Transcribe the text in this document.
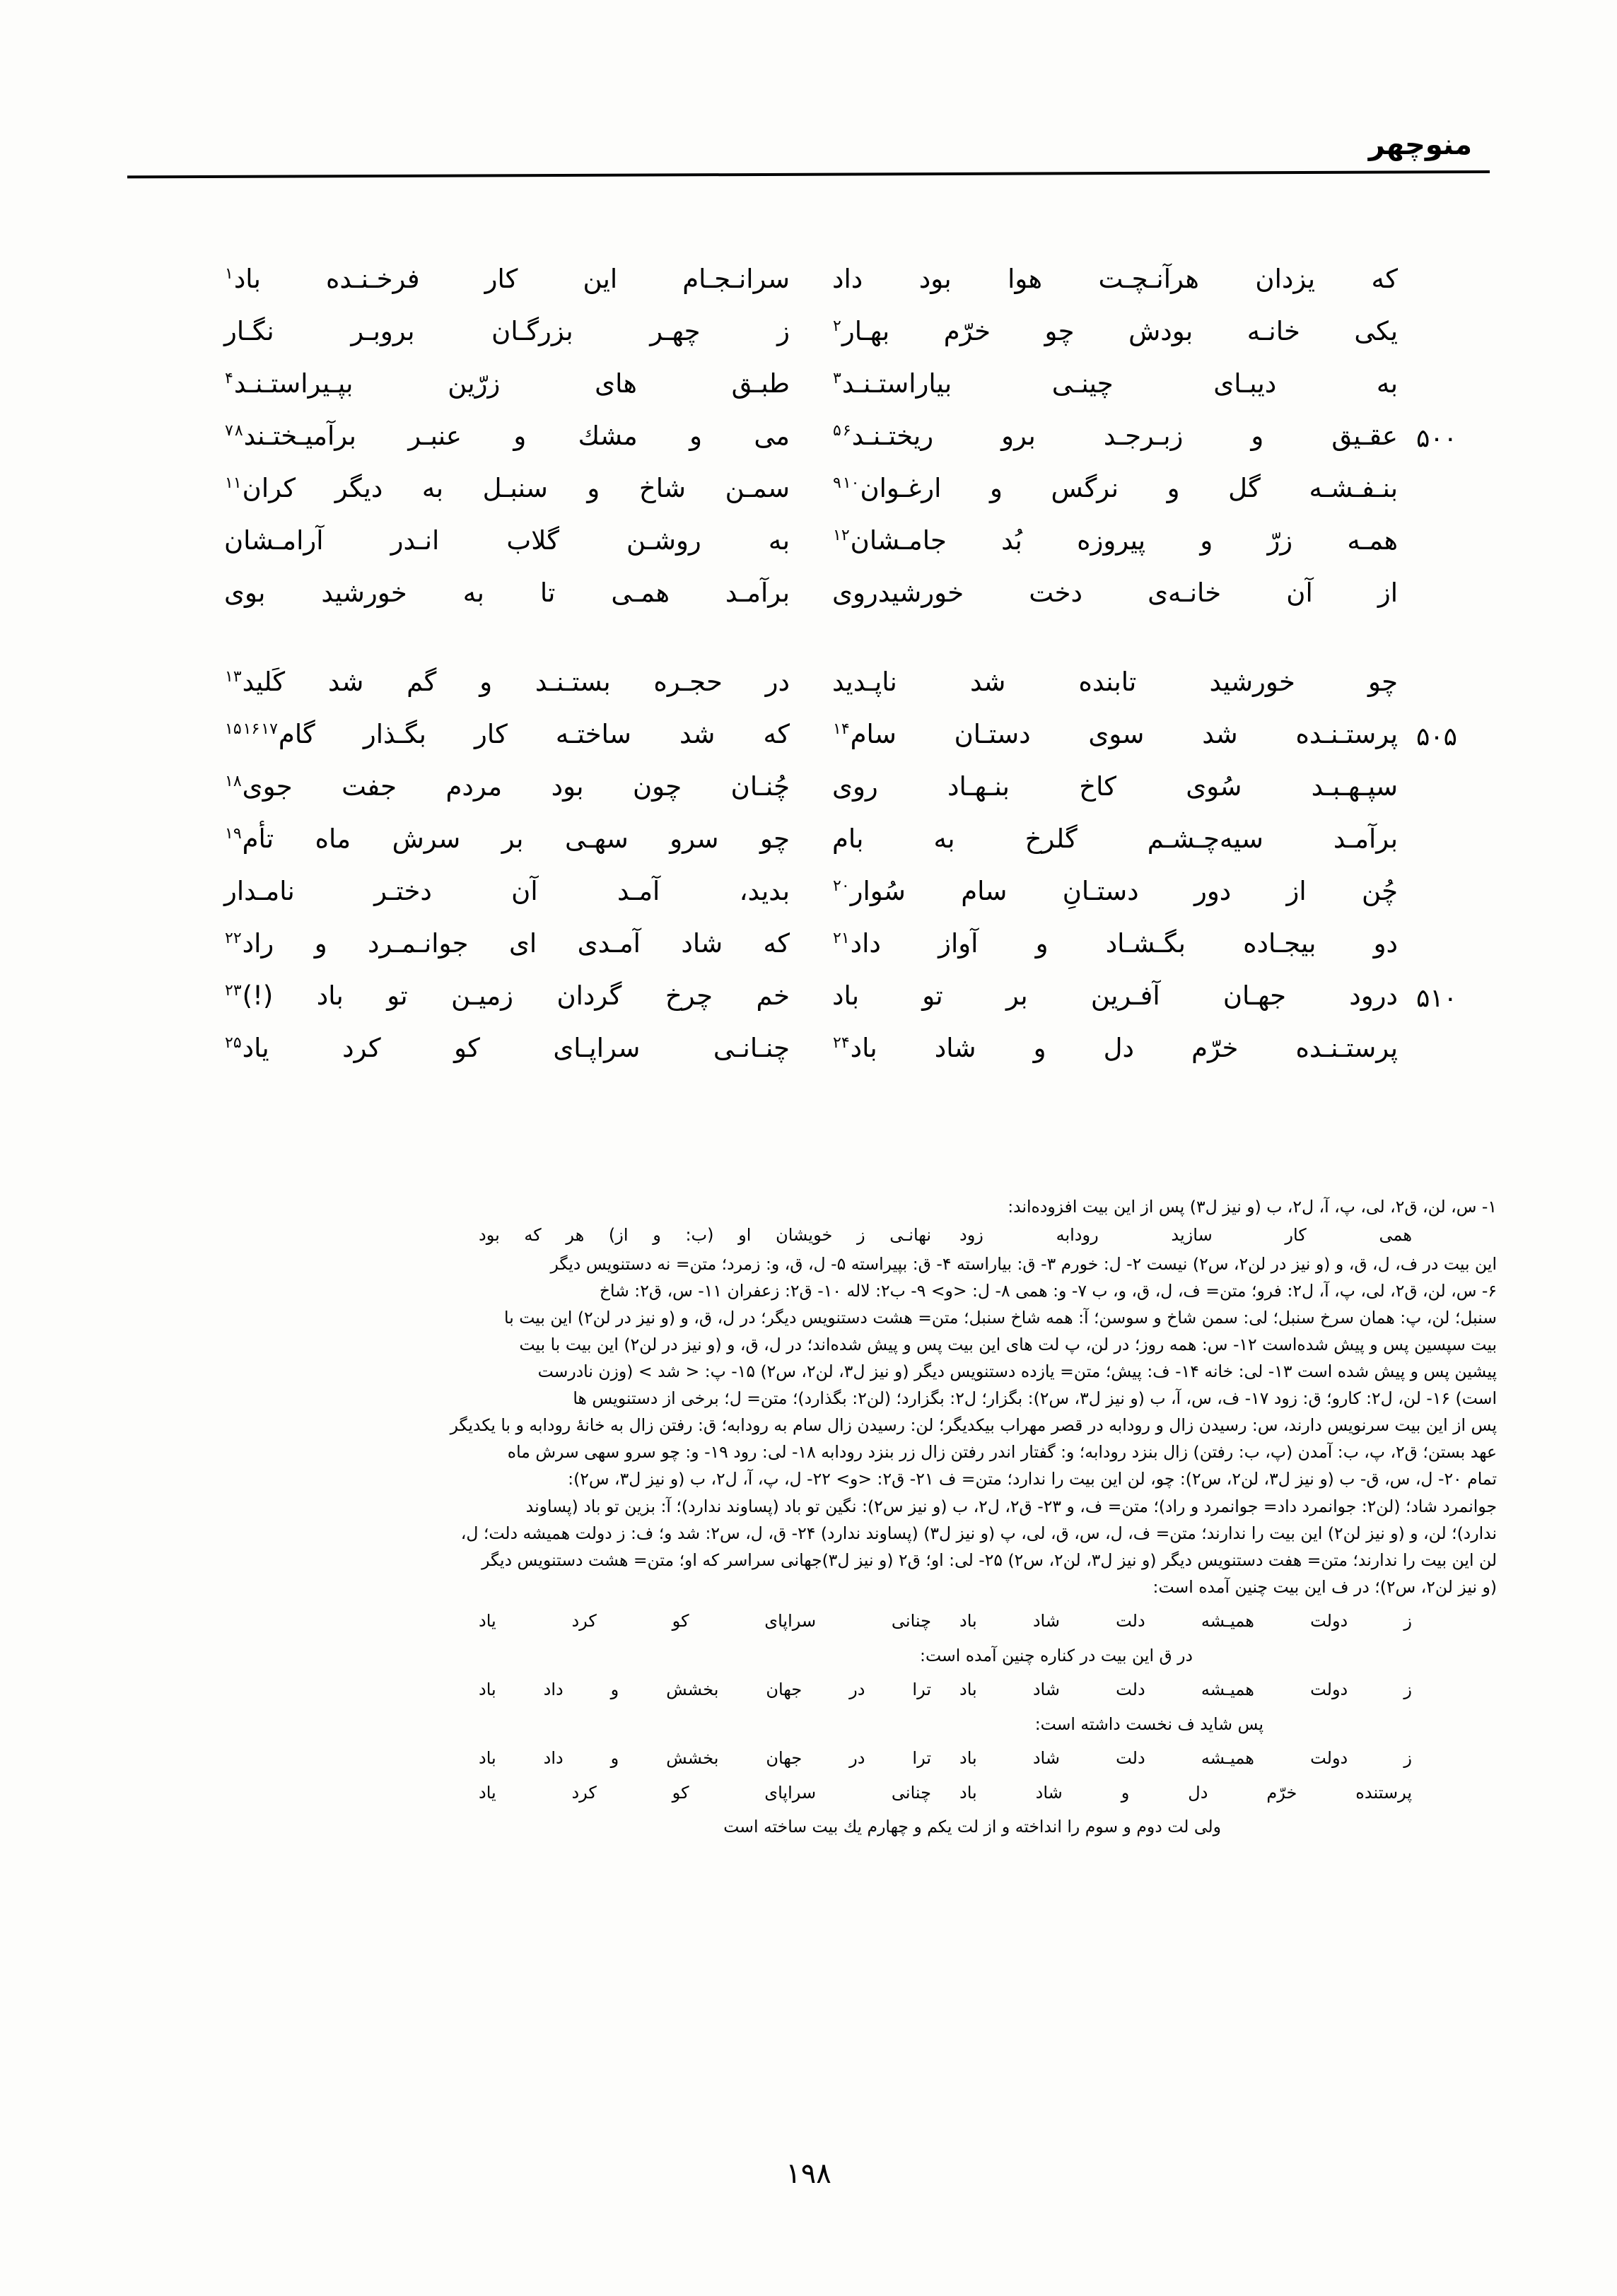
منوچهر
که یزدان هرآنـچـت هوا بود داد
سرانـجـام این کار فرخـنـده باد$^۱$
یکی خانـه بودش چو خرّم بهـار$^۲$
ز چهـر بزرگـان بروبـر نگـار
به دیبـای چینـی بیاراستـنـد$^۳$
طبـق های زرّین بپـیراستـنـد$^۴$
۵۰۰
عقـیق و زبـرجـد برو ریختـنـد$^{۵۶}$
می و مشك و عنبـر برآمیـختـند$^{۷۸}$
بنـفـشـه گل و نرگس و ارغـوان$^{۹۱۰}$
سمـن شاخ و سنبـل به دیگر کران$^{۱۱}$
همـه زرّ و پیروزه بُد جامـشان$^{۱۲}$
به روشـن گلاب انـدر آرامـشان
از آن خانـه‌ی دخت خورشیدروی
برآمـد همـی تا به خورشید بوی
چو خورشید تابنده شد ناپـدید
در حجـره بستـنـد و گم شد کَلید$^{۱۳}$
۵۰۵
پرستـنـده شد سوی دستـان سام$^{۱۴}$
که شد ساختـه کار بگـذار گام$^{۱۵۱۶۱۷}$
سپـهـبـد سُوی کاخ بنـهـاد روی
چُنـان چون بود مردم جفت جوی$^{۱۸}$
برآمـد سیه‌چـشـم گلرخ به بام
چو سرو سهـی بر سرش ماه تأم$^{۱۹}$
چُن از دور دستـانِ سام سُوار$^{۲۰}$
بدید، آمـد آن دختـر نامـدار
دو بیجـاده بگـشـاد و آواز داد$^{۲۱}$
که شاد آمـدی ای جوانـمـرد و راد$^{۲۲}$
۵۱۰
درود جهـان آفـرین بر تو باد
خم چرخ گردان زمیـن تو باد (!)$^{۲۳}$
پرستـنـده خرّم دل و شاد باد$^{۲۴}$
چنـانـی سراپـای کو کرد یاد$^{۲۵}$
۱- س، لن، ق۲، لی، پ، آ، ل۲، ب (و نیز ل۳) پس از این بیت افزوده‌اند:
همی کار سازید رودابه زود
نهانـی ز خویشان او (ب: و از) هر که بود
این بیت در ف، ل، ق، و (و نیز در لن۲، س۲) نیست ۲- ل: خورم ۳- ق: بیاراسته ۴- ق: بپیراسته ۵- ل، ق، و: زمرد؛ متن= نه دستنویس دیگر
۶- س، لن، ق۲، لی، پ، آ، ل۲: فرو؛ متن= ف، ل، ق، و، ب ۷- و: همی ۸- ل: <و> ۹- ب۲: لاله ۱۰- ق۲: زعفران ۱۱- س، ق۲: شاخ
سنبل؛ لن، پ: همان سرخ سنبل؛ لی: سمن شاخ و سوسن؛ آ: همه شاخ سنبل؛ متن= هشت دستنویس دیگر؛ در ل، ق، و (و نیز در لن۲) این بیت با
بیت سپسین پس و پیش شده‌است ۱۲- س: همه روز؛ در لن، پ لت های این بیت پس و پیش شده‌اند؛ در ل، ق، و (و نیز در لن۲) این بیت با بیت
پیشین پس و پیش شده است ۱۳- لی: خانه ۱۴- ف: پیش؛ متن= یازده دستنویس دیگر (و نیز ل۳، لن۲، س۲) ۱۵- پ: < شد > (وزن نادرست
است) ۱۶- لن، ل۲: کارو؛ ق: زود ۱۷- ف، س، آ، ب (و نیز ل۳، س۲): بگزار؛ ل۲: بگزارد؛ (لن۲: بگذارد)؛ متن= ل؛ برخی از دستنویس ها
پس از این بیت سرنویس دارند، س: رسیدن زال و رودابه در قصر مهراب بیکدیگر؛ لن: رسیدن زال سام به رودابه؛ ق: رفتن زال به خانهٔ رودابه و با یکدیگر
عهد بستن؛ ق۲، پ، ب: آمدن (پ، ب: رفتن) زال بنزد رودابه؛ و: گفتار اندر رفتن زال زر بنزد رودابه ۱۸- لی: رود ۱۹- و: چو سرو سهی سرش ماه
تمام ۲۰- ل، س، ق- ب (و نیز ل۳، لن۲، س۲): چو، لن این بیت را ندارد؛ متن= ف ۲۱- ق۲: <و> ۲۲- ل، پ، آ، ل۲، ب (و نیز ل۳، س۲):
جوانمرد شاد؛ (لن۲: جوانمرد داد= جوانمرد و راد)؛ متن= ف، و ۲۳- ق۲، ل۲، ب (و نیز س۲): نگین تو باد (پساوند ندارد)؛ آ: بزین تو باد (پساوند
ندارد)؛ لن، و (و نیز لن۲) این بیت را ندارند؛ متن= ف، ل، س، ق، لی، پ (و نیز ل۳) (پساوند ندارد) ۲۴- ق، ل، س۲: شد و؛ ف: ز دولت همیشه دلت؛ ل،
لن این بیت را ندارند؛ متن= هفت دستنویس دیگر (و نیز ل۳، لن۲، س۲) ۲۵- لی: او؛ ق۲ (و نیز ل۳)جهانی سراسر که او؛ متن= هشت دستنویس دیگر
(و نیز لن۲، س۲)؛ در ف این بیت چنین آمده است:
ز دولت همیـشه دلت شاد باد
چنانی سراپای کو کرد یاد
در ق این بیت در کناره چنین آمده است:
ز دولت همیـشه دلت شاد باد
ترا در جهان بخشش و داد باد
پس شاید ف نخست داشته است:
ز دولت همیـشه دلت شاد باد
ترا در جهان بخشش و داد باد
پرستنده خرّم دل و شاد باد
چنانی سراپای کو کرد یاد
ولی لت دوم و سوم را انداخته و از لت یکم و چهارم یك بیت ساخته است
۱۹۸
